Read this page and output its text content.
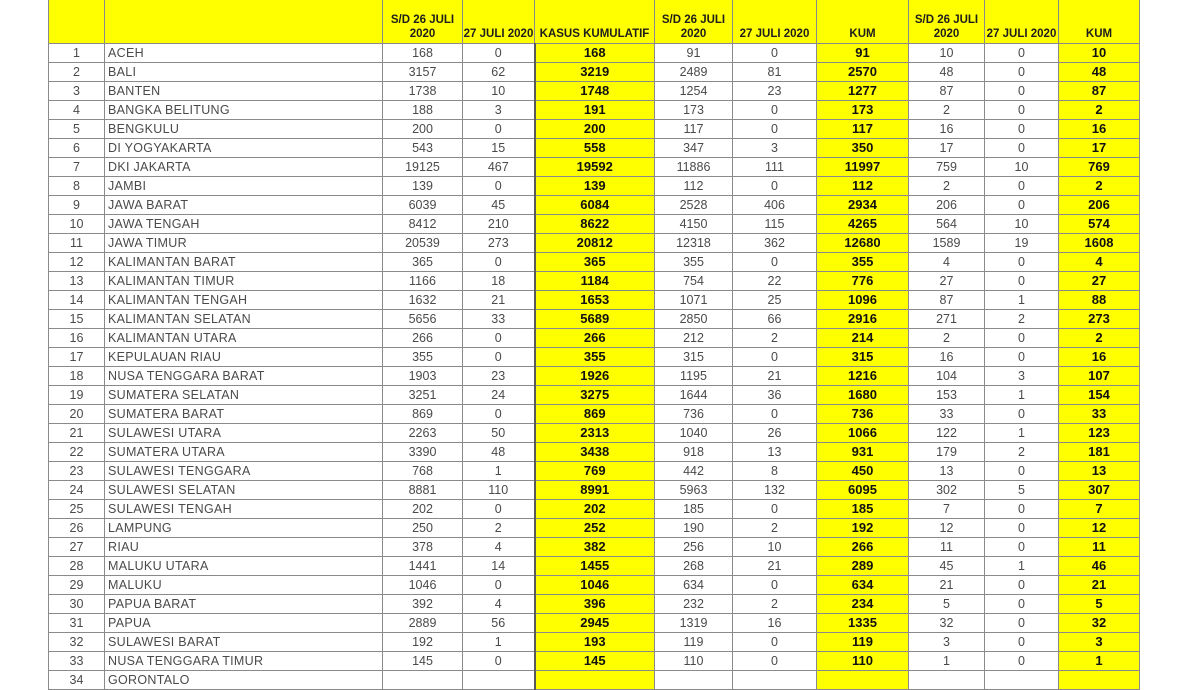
		S/D 26 JULI 2020	27 JULI 2020	KASUS KUMULATIF	S/D 26 JULI 2020	27 JULI 2020	KUM	S/D 26 JULI 2020	27 JULI 2020	KUM
1	ACEH	168	0	168	91	0	91	10	0	10
2	BALI	3157	62	3219	2489	81	2570	48	0	48
3	BANTEN	1738	10	1748	1254	23	1277	87	0	87
4	BANGKA BELITUNG	188	3	191	173	0	173	2	0	2
5	BENGKULU	200	0	200	117	0	117	16	0	16
6	DI YOGYAKARTA	543	15	558	347	3	350	17	0	17
7	DKI JAKARTA	19125	467	19592	11886	111	11997	759	10	769
8	JAMBI	139	0	139	112	0	112	2	0	2
9	JAWA BARAT	6039	45	6084	2528	406	2934	206	0	206
10	JAWA TENGAH	8412	210	8622	4150	115	4265	564	10	574
11	JAWA TIMUR	20539	273	20812	12318	362	12680	1589	19	1608
12	KALIMANTAN BARAT	365	0	365	355	0	355	4	0	4
13	KALIMANTAN TIMUR	1166	18	1184	754	22	776	27	0	27
14	KALIMANTAN TENGAH	1632	21	1653	1071	25	1096	87	1	88
15	KALIMANTAN SELATAN	5656	33	5689	2850	66	2916	271	2	273
16	KALIMANTAN UTARA	266	0	266	212	2	214	2	0	2
17	KEPULAUAN RIAU	355	0	355	315	0	315	16	0	16
18	NUSA TENGGARA BARAT	1903	23	1926	1195	21	1216	104	3	107
19	SUMATERA SELATAN	3251	24	3275	1644	36	1680	153	1	154
20	SUMATERA BARAT	869	0	869	736	0	736	33	0	33
21	SULAWESI UTARA	2263	50	2313	1040	26	1066	122	1	123
22	SUMATERA UTARA	3390	48	3438	918	13	931	179	2	181
23	SULAWESI TENGGARA	768	1	769	442	8	450	13	0	13
24	SULAWESI SELATAN	8881	110	8991	5963	132	6095	302	5	307
25	SULAWESI TENGAH	202	0	202	185	0	185	7	0	7
26	LAMPUNG	250	2	252	190	2	192	12	0	12
27	RIAU	378	4	382	256	10	266	11	0	11
28	MALUKU UTARA	1441	14	1455	268	21	289	45	1	46
29	MALUKU	1046	0	1046	634	0	634	21	0	21
30	PAPUA BARAT	392	4	396	232	2	234	5	0	5
31	PAPUA	2889	56	2945	1319	16	1335	32	0	32
32	SULAWESI BARAT	192	1	193	119	0	119	3	0	3
33	NUSA TENGGARA TIMUR	145	0	145	110	0	110	1	0	1
34	GORONTALO									
